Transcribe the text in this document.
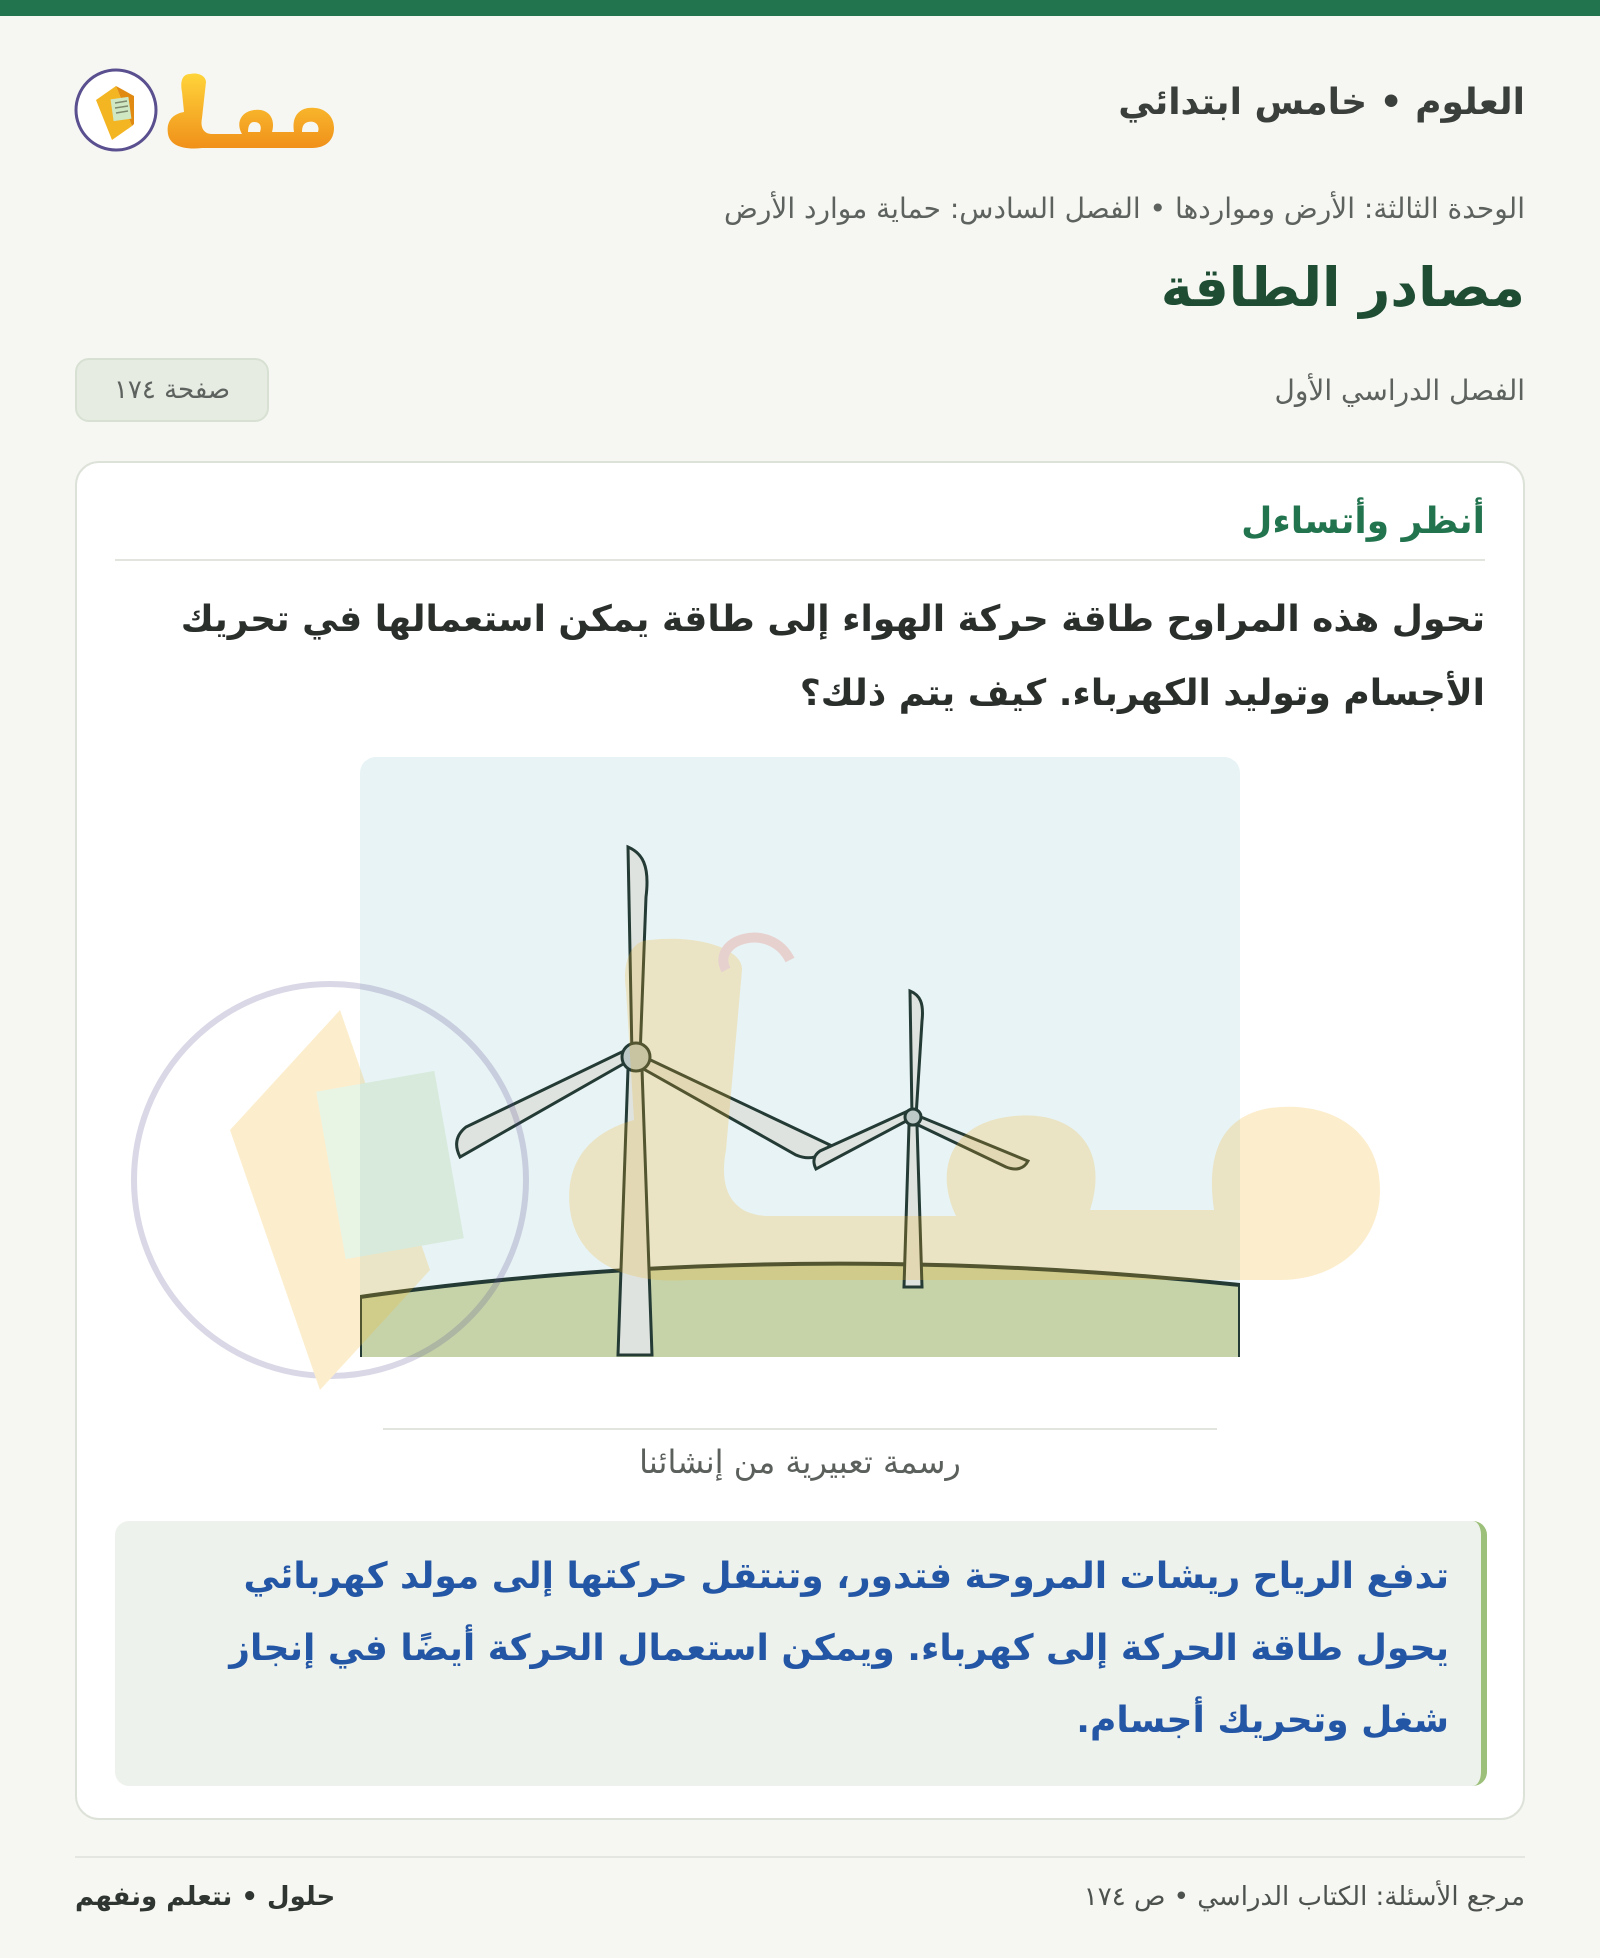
العلوم • خامس ابتدائي
الوحدة الثالثة: الأرض ومواردها • الفصل السادس: حماية موارد الأرض
مصادر الطاقة
الفصل الدراسي الأول
صفحة ١٧٤
أنظر وأتساءل

تحول هذه المراوح طاقة حركة الهواء إلى طاقة يمكن استعمالها في تحريك الأجسام وتوليد الكهرباء. كيف يتم ذلك؟

رسمة تعبيرية من إنشائنا

تدفع الرياح ريشات المروحة فتدور، وتنتقل حركتها إلى مولد كهربائي يحول طاقة الحركة إلى كهرباء. ويمكن استعمال الحركة أيضًا في إنجاز شغل وتحريك أجسام.

مرجع الأسئلة: الكتاب الدراسي • ص ١٧٤
حلول • نتعلم ونفهم
